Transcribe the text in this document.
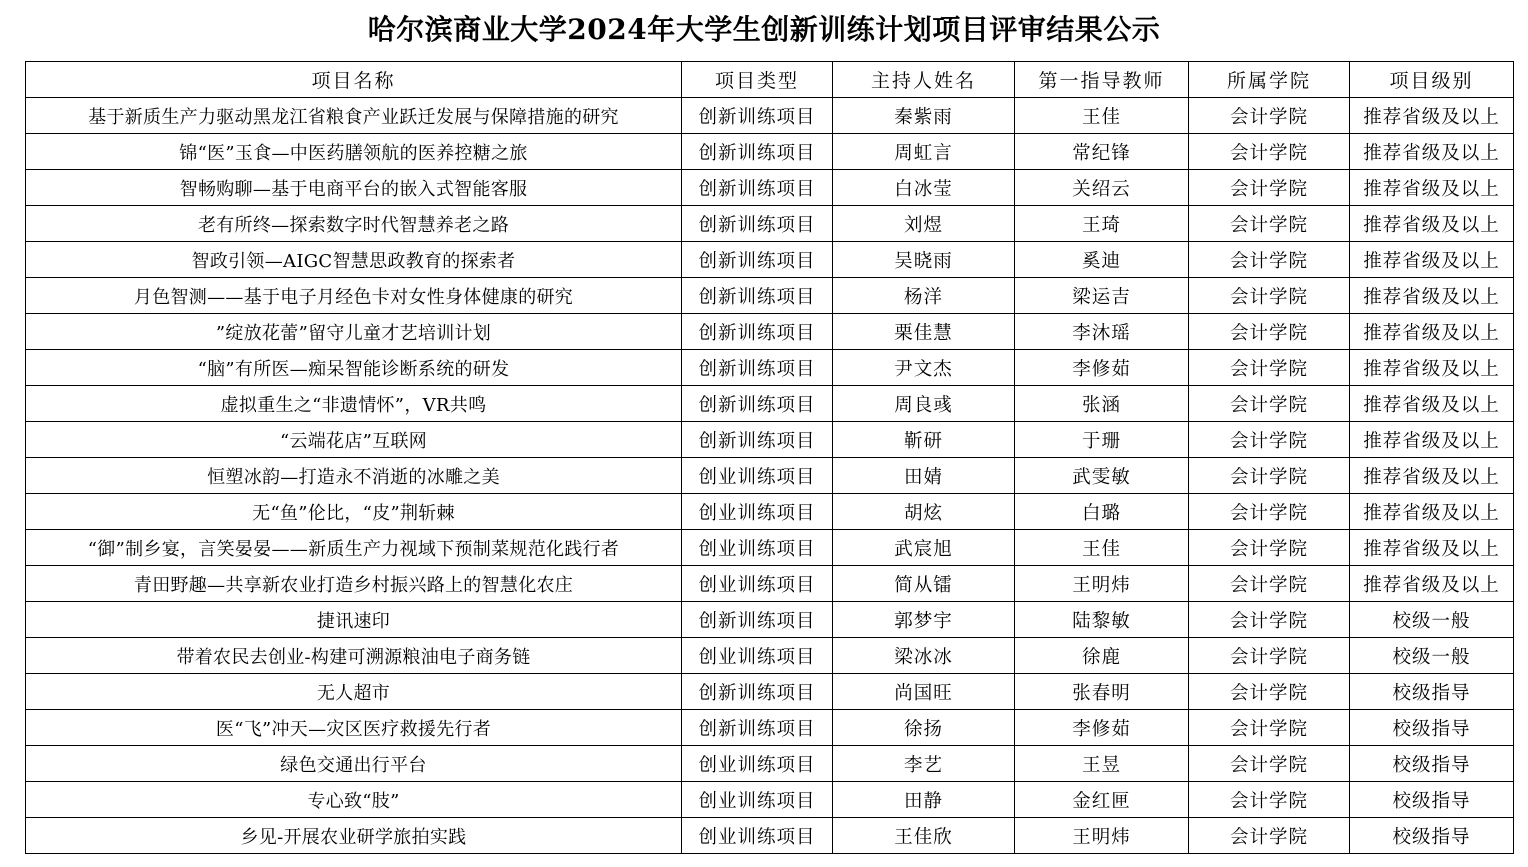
哈尔滨商业大学2024年大学生创新训练计划项目评审结果公示
项目名称	项目类型	主持人姓名	第一指导教师	所属学院	项目级别
基于新质生产力驱动黑龙江省粮食产业跃迁发展与保障措施的研究	创新训练项目	秦紫雨	王佳	会计学院	推荐省级及以上
锦“医”玉食—中医药膳领航的医养控糖之旅	创新训练项目	周虹言	常纪锋	会计学院	推荐省级及以上
智畅购聊—基于电商平台的嵌入式智能客服	创新训练项目	白冰莹	关绍云	会计学院	推荐省级及以上
老有所终—探索数字时代智慧养老之路	创新训练项目	刘煜	王琦	会计学院	推荐省级及以上
智政引领—AIGC智慧思政教育的探索者	创新训练项目	吴晓雨	奚迪	会计学院	推荐省级及以上
月色智测——基于电子月经色卡对女性身体健康的研究	创新训练项目	杨洋	梁运吉	会计学院	推荐省级及以上
”绽放花蕾”留守儿童才艺培训计划	创新训练项目	栗佳慧	李沐瑶	会计学院	推荐省级及以上
“脑”有所医—痴呆智能诊断系统的研发	创新训练项目	尹文杰	李修茹	会计学院	推荐省级及以上
虚拟重生之“非遗情怀”，VR共鸣	创新训练项目	周良彧	张涵	会计学院	推荐省级及以上
“云端花店”互联网	创新训练项目	靳研	于珊	会计学院	推荐省级及以上
恒塑冰韵—打造永不消逝的冰雕之美	创业训练项目	田婧	武雯敏	会计学院	推荐省级及以上
无“鱼”伦比，“皮”荆斩棘	创业训练项目	胡炫	白璐	会计学院	推荐省级及以上
“御”制乡宴，言笑晏晏——新质生产力视域下预制菜规范化践行者	创业训练项目	武宸旭	王佳	会计学院	推荐省级及以上
青田野趣—共享新农业打造乡村振兴路上的智慧化农庄	创业训练项目	简从镭	王明炜	会计学院	推荐省级及以上
捷讯速印	创新训练项目	郭梦宇	陆黎敏	会计学院	校级一般
带着农民去创业-构建可溯源粮油电子商务链	创业训练项目	梁冰冰	徐鹿	会计学院	校级一般
无人超市	创新训练项目	尚国旺	张春明	会计学院	校级指导
医“飞”冲天—灾区医疗救援先行者	创新训练项目	徐扬	李修茹	会计学院	校级指导
绿色交通出行平台	创业训练项目	李艺	王昱	会计学院	校级指导
专心致“肢”	创业训练项目	田静	金红匣	会计学院	校级指导
乡见-开展农业研学旅拍实践	创业训练项目	王佳欣	王明炜	会计学院	校级指导
